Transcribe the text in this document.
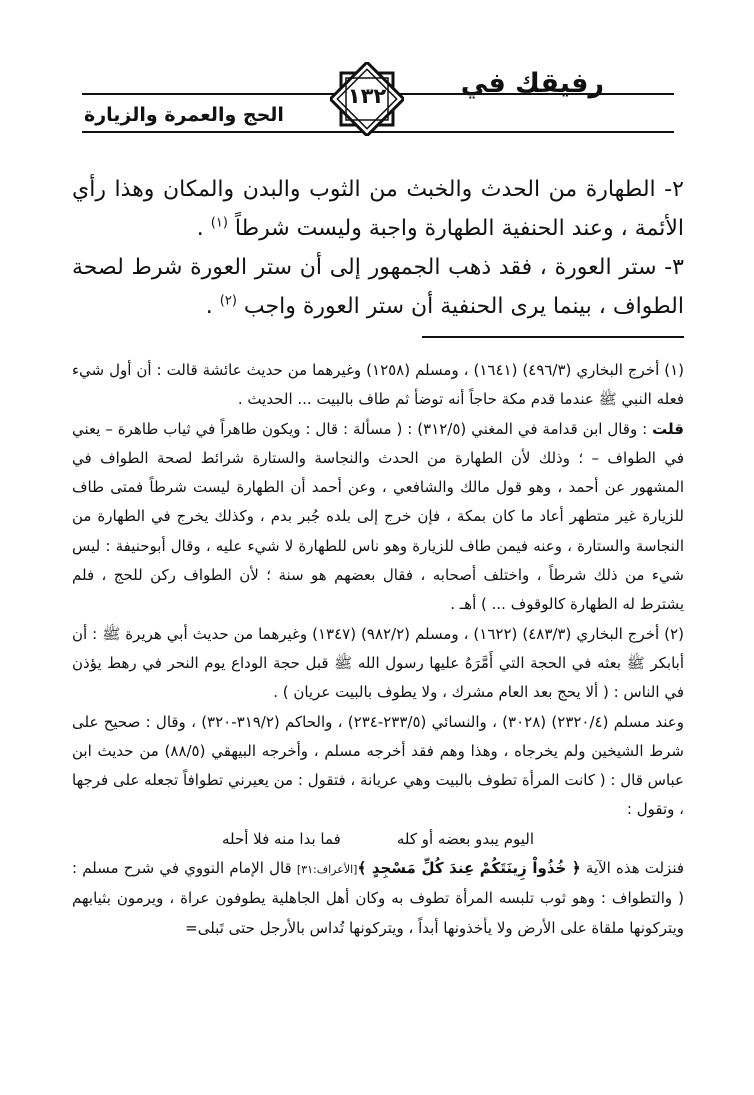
رفيقك في
الحج والعمرة والزيارة
١٣٢

٢- الطهارة من الحدث والخبث من الثوب والبدن والمكان وهذا رأي الأئمة ، وعند الحنفية الطهارة واجبة وليست شرطاً $^{(١)}$ .

٣- ستر العورة ، فقد ذهب الجمهور إلى أن ستر العورة شرط لصحة الطواف ، بينما يرى الحنفية أن ستر العورة واجب $^{(٢)}$ .

(١) أخرج البخاري (٤٩٦/٣) (١٦٤١) ، ومسلم (١٢٥٨) وغيرهما من حديث عائشة قالت : أن أول شيء فعله النبي ﷺ عندما قدم مكة حاجاً أنه توضأ ثم طاف بالبيت ... الحديث .

قلت : وقال ابن قدامة في المغني (٣١٢/٥) : ( مسألة : قال : ويكون طاهراً في ثياب طاهرة – يعني في الطواف – ؛ وذلك لأن الطهارة من الحدث والنجاسة والستارة شرائط لصحة الطواف في المشهور عن أحمد ، وهو قول مالك والشافعي ، وعن أحمد أن الطهارة ليست شرطاً فمتى طاف للزيارة غير متطهر أعاد ما كان بمكة ، فإن خرج إلى بلده جُبر بدم ، وكذلك يخرج في الطهارة من النجاسة والستارة ، وعنه فيمن طاف للزيارة وهو ناس للطهارة لا شيء عليه ، وقال أبوحنيفة : ليس شيء من ذلك شرطاً ، واختلف أصحابه ، فقال بعضهم هو سنة ؛ لأن الطواف ركن للحج ، فلم يشترط له الطهارة كالوقوف ... ) أهـ .

(٢) أخرج البخاري (٤٨٣/٣) (١٦٢٢) ، ومسلم (٩٨٢/٢) (١٣٤٧) وغيرهما من حديث أبي هريرة ﷺ : أن أبابكر ﷺ بعثه في الحجة التي أَمَّرَهُ عليها رسول الله ﷺ قبل حجة الوداع يوم النحر في رهط يؤذن في الناس : ( ألا يحج بعد العام مشرك ، ولا يطوف بالبيت عريان ) .

وعند مسلم (٢٣٢٠/٤) (٣٠٢٨) ، والنسائي (٢٣٣/٥-٢٣٤) ، والحاكم (٣١٩/٢-٣٢٠) ، وقال : صحيح على شرط الشيخين ولم يخرجاه ، وهذا وهم فقد أخرجه مسلم ، وأخرجه البيهقي (٨٨/٥) من حديث ابن عباس قال : ( كانت المرأة تطوف بالبيت وهي عريانة ، فتقول : من يعيرني تطوافاً تجعله على فرجها ، وتقول :

اليوم يبدو بعضه أو كلهفما بدا منه فلا أحله

فنزلت هذه الآية ﴿ خُذُواْ زِينَتَكُمْ عِندَ كُلِّ مَسْجِدٍ ﴾[الأعراف:٣١] قال الإمام النووي في شرح مسلم : ( والتطواف : وهو ثوب تلبسه المرأة تطوف به وكان أهل الجاهلية يطوفون عراة ، ويرمون بثيابهم ويتركونها ملقاة على الأرض ولا يأخذونها أبداً ، ويتركونها تُداس بالأرجل حتى تَبلى=
